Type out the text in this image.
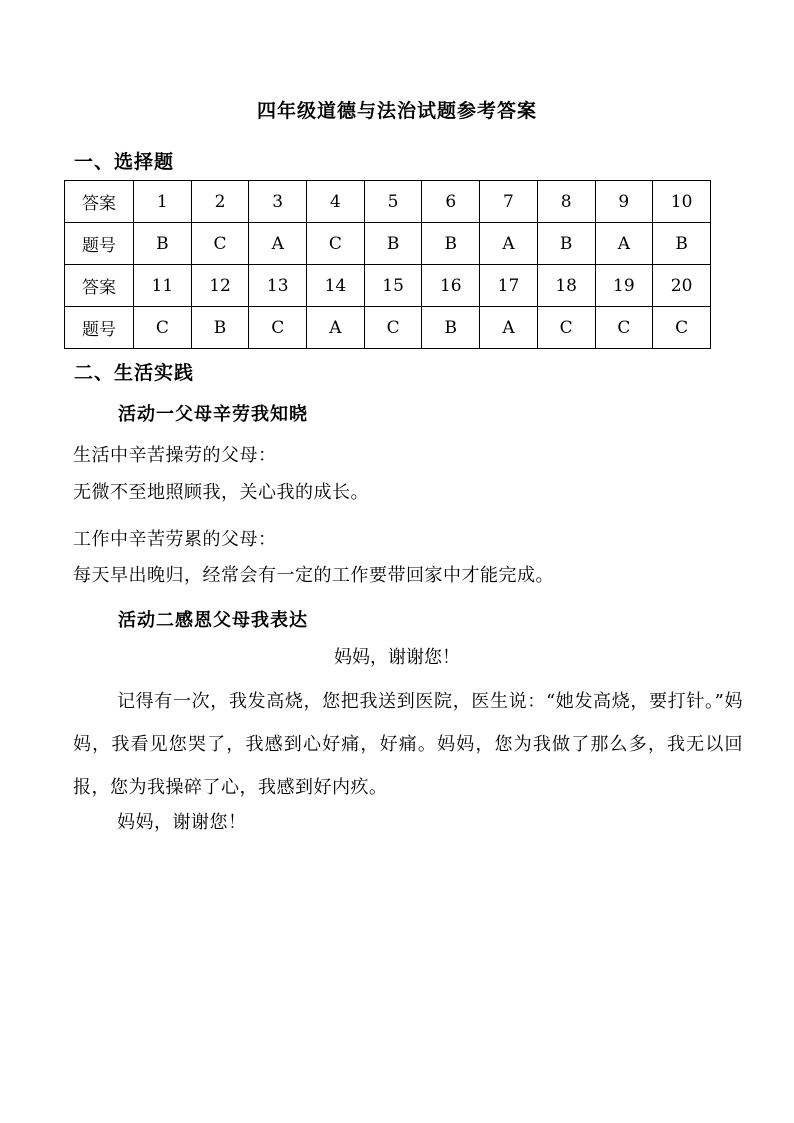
四年级道德与法治试题参考答案
一、选择题
答案	1	2	3	4	5	6	7	8	9	10
题号	B	C	A	C	B	B	A	B	A	B
答案	11	12	13	14	15	16	17	18	19	20
题号	C	B	C	A	C	B	A	C	C	C
二、生活实践
活动一父母辛劳我知晓
生活中辛苦操劳的父母：
无微不至地照顾我，关心我的成长。
工作中辛苦劳累的父母：
每天早出晚归，经常会有一定的工作要带回家中才能完成。
活动二感恩父母我表达
妈妈，谢谢您！
记得有一次，我发高烧，您把我送到医院，医生说：“她发高烧，要打针。”妈妈，我看见您哭了，我感到心好痛，好痛。妈妈，您为我做了那么多，我无以回报，您为我操碎了心，我感到好内疚。
妈妈，谢谢您！
